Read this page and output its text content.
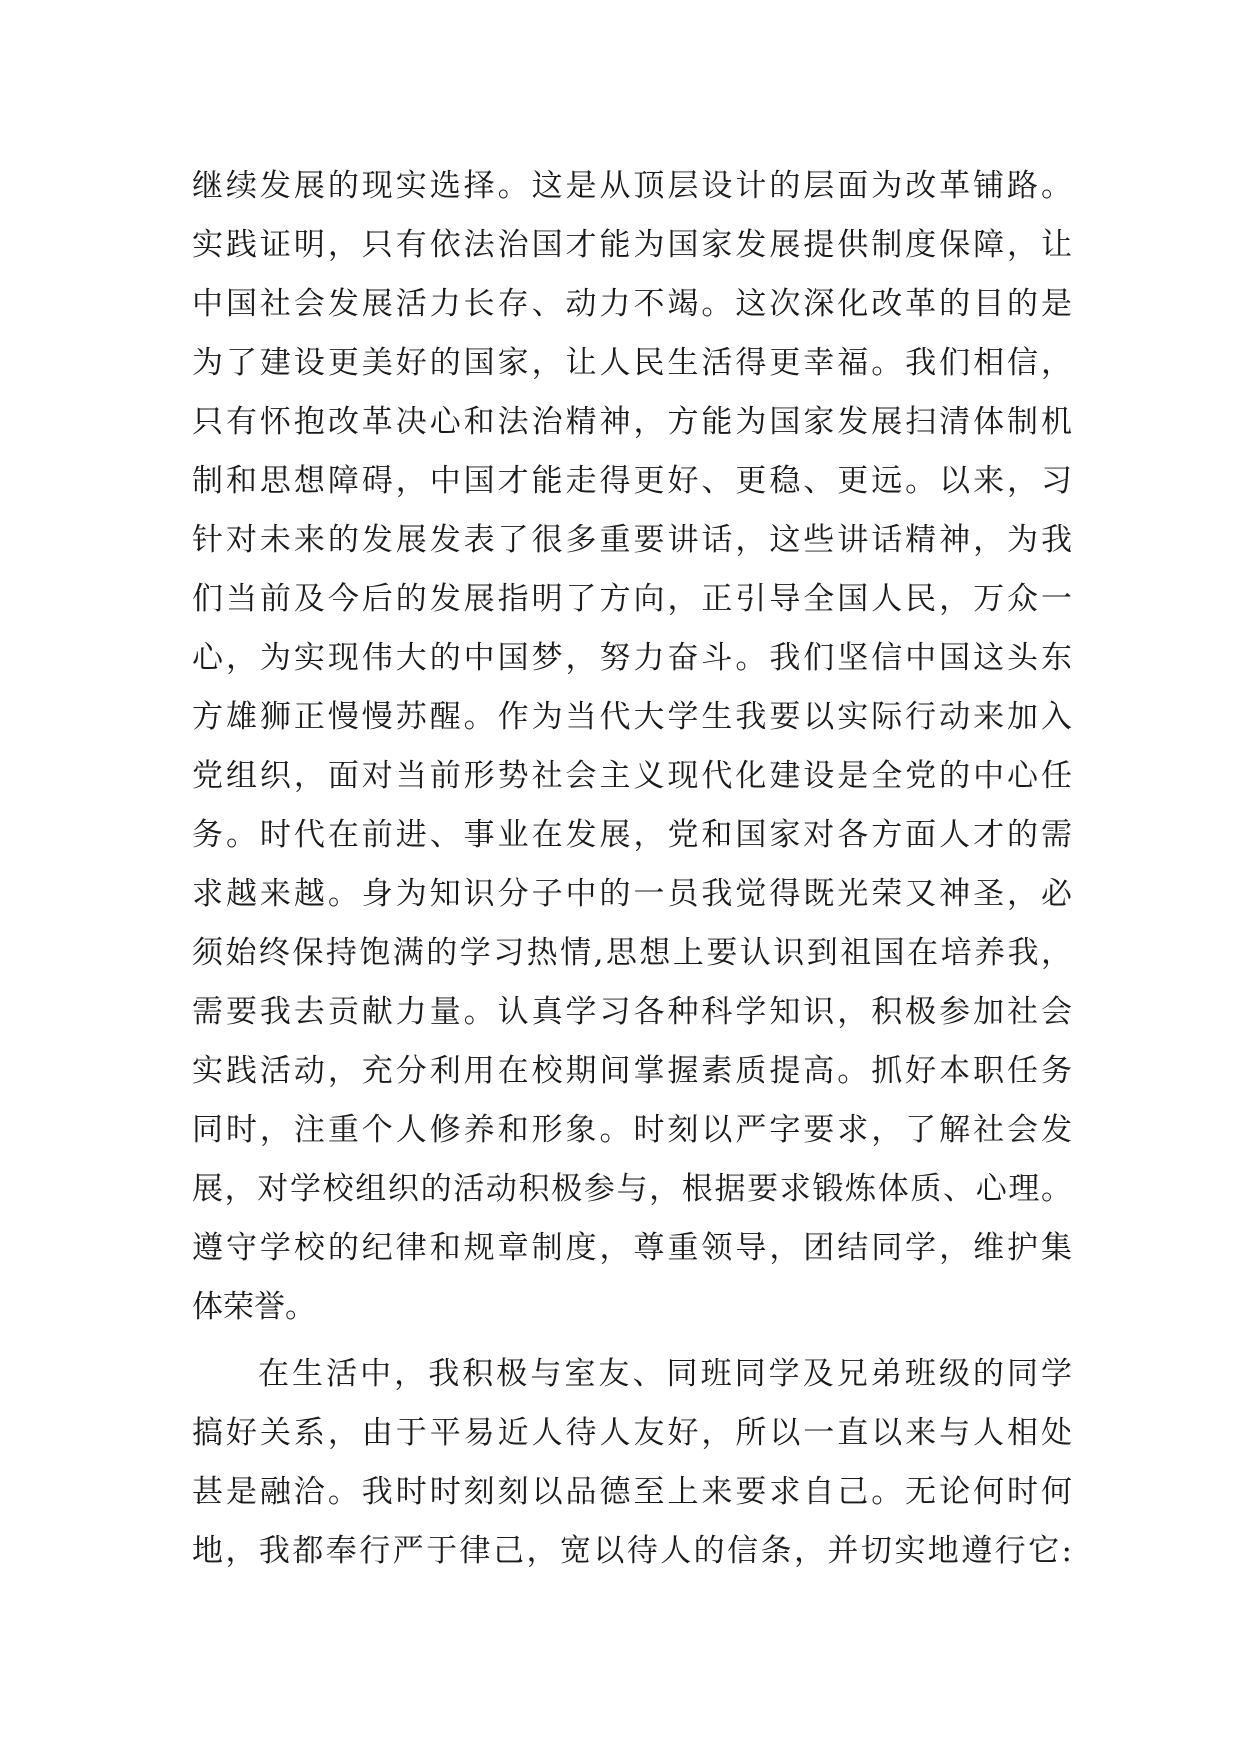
继续发展的现实选择。这是从顶层设计的层面为改革铺路。
实践证明，只有依法治国才能为国家发展提供制度保障，让
中国社会发展活力长存、动力不竭。这次深化改革的目的是
为了建设更美好的国家，让人民生活得更幸福。我们相信，
只有怀抱改革决心和法治精神，方能为国家发展扫清体制机
制和思想障碍，中国才能走得更好、更稳、更远。以来，习
针对未来的发展发表了很多重要讲话，这些讲话精神，为我
们当前及今后的发展指明了方向，正引导全国人民，万众一
心，为实现伟大的中国梦，努力奋斗。我们坚信中国这头东
方雄狮正慢慢苏醒。作为当代大学生我要以实际行动来加入
党组织，面对当前形势社会主义现代化建设是全党的中心任
务。时代在前进、事业在发展，党和国家对各方面人才的需
求越来越。身为知识分子中的一员我觉得既光荣又神圣，必
须始终保持饱满的学习热情,思想上要认识到祖国在培养我，
需要我去贡献力量。认真学习各种科学知识，积极参加社会
实践活动，充分利用在校期间掌握素质提高。抓好本职任务
同时，注重个人修养和形象。时刻以严字要求，了解社会发
展，对学校组织的活动积极参与，根据要求锻炼体质、心理。
遵守学校的纪律和规章制度，尊重领导，团结同学，维护集
体荣誉。
在生活中，我积极与室友、同班同学及兄弟班级的同学
搞好关系，由于平易近人待人友好，所以一直以来与人相处
甚是融洽。我时时刻刻以品德至上来要求自己。无论何时何
地，我都奉行严于律己，宽以待人的信条，并切实地遵行它:
